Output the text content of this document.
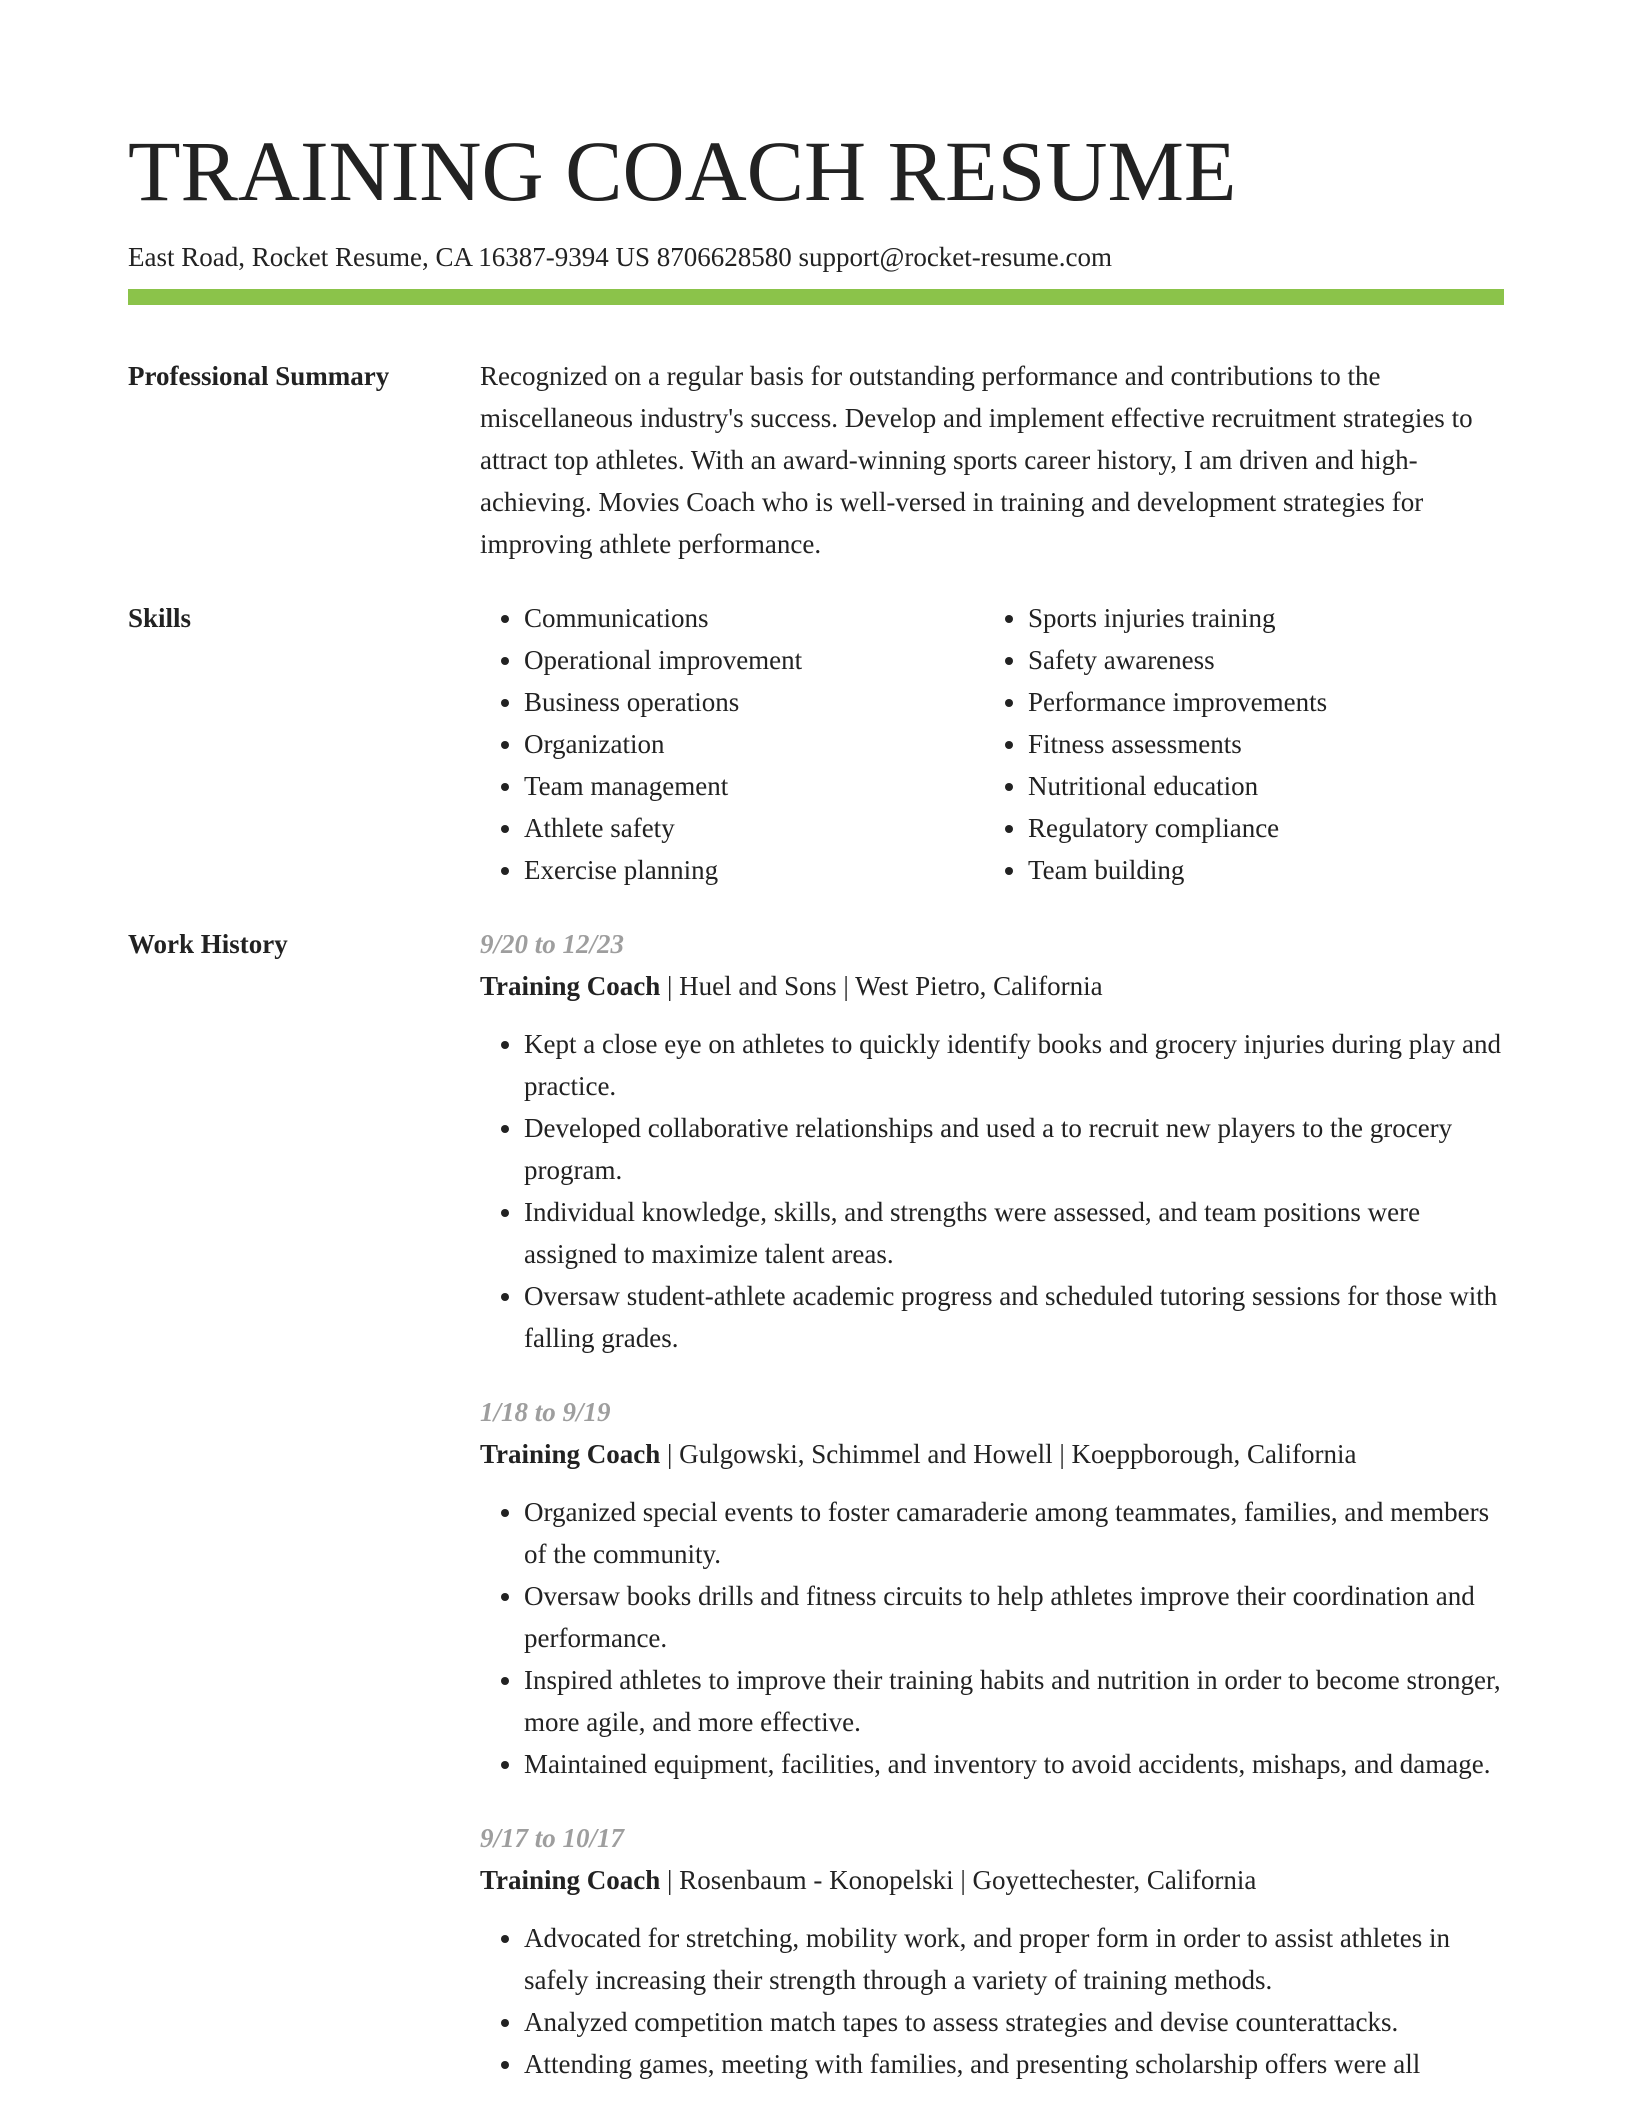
TRAINING COACH RESUME
East Road, Rocket Resume, CA 16387-9394 US 8706628580 support@rocket-resume.com
Professional Summary	Recognized on a regular basis for outstanding performance and contributions to the miscellaneous industry's success. Develop and implement effective recruitment strategies to attract top athletes. With an award-winning sports career history, I am driven and high-achieving. Movies Coach who is well-versed in training and development strategies for improving athlete performance.

Skills
•	Communications
• Operational improvement
• Business operations
• Organization
• Team management
• Athlete safety
• Exercise planning
• Sports injuries training
• Safety awareness
• Performance improvements
• Fitness assessments
• Nutritional education
• Regulatory compliance
• Team building
Work History	9/20 to 12/23
Training Coach | Huel and Sons | West Pietro, California
• Kept a close eye on athletes to quickly identify books and grocery injuries during play and practice.
• Developed collaborative relationships and used a to recruit new players to the grocery program.
• Individual knowledge, skills, and strengths were assessed, and team positions were assigned to maximize talent areas.
• Oversaw student-athlete academic progress and scheduled tutoring sessions for those with falling grades.
1/18 to 9/19
Training Coach | Gulgowski, Schimmel and Howell | Koeppborough, California
• Organized special events to foster camaraderie among teammates, families, and members of the community.
• Oversaw books drills and fitness circuits to help athletes improve their coordination and performance.
• Inspired athletes to improve their training habits and nutrition in order to become stronger, more agile, and more effective.
• Maintained equipment, facilities, and inventory to avoid accidents, mishaps, and damage.
9/17 to 10/17
Training Coach | Rosenbaum - Konopelski | Goyettechester, California
• Advocated for stretching, mobility work, and proper form in order to assist athletes in safely increasing their strength through a variety of training methods.
• Analyzed competition match tapes to assess strategies and devise counterattacks.
• Attending games, meeting with families, and presenting scholarship offers were all
